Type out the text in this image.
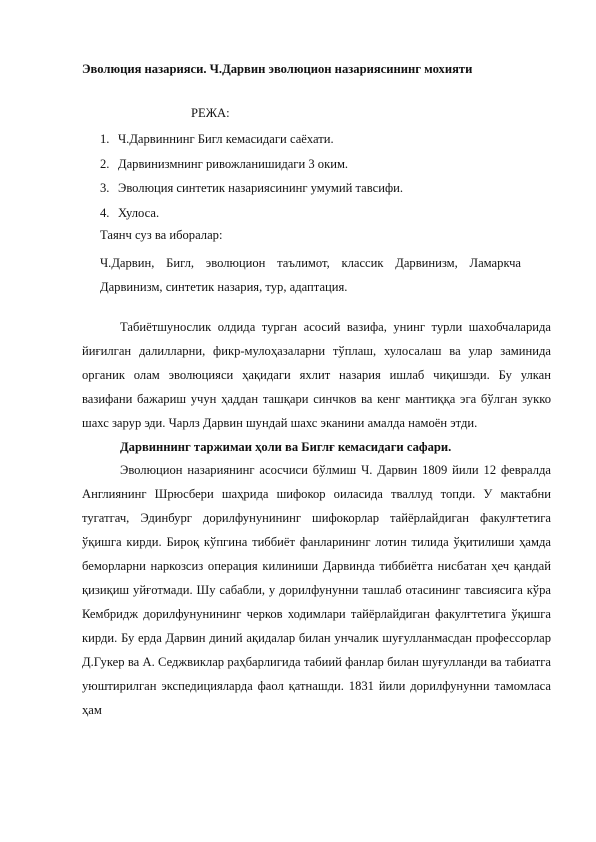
Эволюция назарияси. Ч.Дарвин эволюцион назариясининг мохияти
РЕЖА:
1. Ч.Дарвиннинг Бигл кемасидаги саёхати.
2. Дарвинизмнинг ривожланишидаги 3 оким.
3. Эволюция синтетик назариясининг умумий тавсифи.
4. Хулоса.
Таянч суз ва иборалар:
Ч.Дарвин, Бигл, эволюцион таълимот, классик Дарвинизм, Ламаркча Дарвинизм, синтетик назария, тур, адаптация.

Табиётшунослик олдида турган асосий вазифа, унинг турли шахобчаларида йиғилган далилларни, фикр-мулоҳазаларни тўплаш, хулосалаш ва улар заминида органик олам эволюцияси ҳақидаги яхлит назария ишлаб чиқишэди. Бу улкан вазифани бажариш учун ҳаддан ташқари синчков ва кенг мантиққа эга бўлган зукко шахс зарур эди. Чарлз Дарвин шундай шахс эканини амалда намоён этди.

Дарвиннинг таржимаи ҳоли ва Биглғ кемасидаги сафари.

Эволюцион назариянинг асосчиси бўлмиш Ч. Дарвин 1809 йили 12 февралда Англиянинг Шрюсбери шаҳрида шифокор оиласида тваллуд топди. У мактабни тугатгач, Эдинбург дорилфунунининг шифокорлар тайёрлайдиган факулғтетига ўқишга кирди. Бироқ кўпгина тиббиёт фанларининг лотин тилида ўқитилиши ҳамда беморларни наркозсиз операция килиниши Дарвинда тиббиётга нисбатан ҳеч қандай қизиқиш уйғотмади. Шу сабабли, у дорилфунунни ташлаб отасининг тавсиясига кўра Кембридж дорилфунунининг черков ходимлари тайёрлайдиган факулғтетига ўқишга кирди. Бу ерда Дарвин диний ақидалар билан унчалик шуғулланмасдан профессорлар Д.Гукер ва А. Седжвиклар раҳбарлигида табиий фанлар билан шуғулланди ва табиатга уюштирилган экспедицияларда фаол қатнашди. 1831 йили дорилфунунни тамомласа ҳам
